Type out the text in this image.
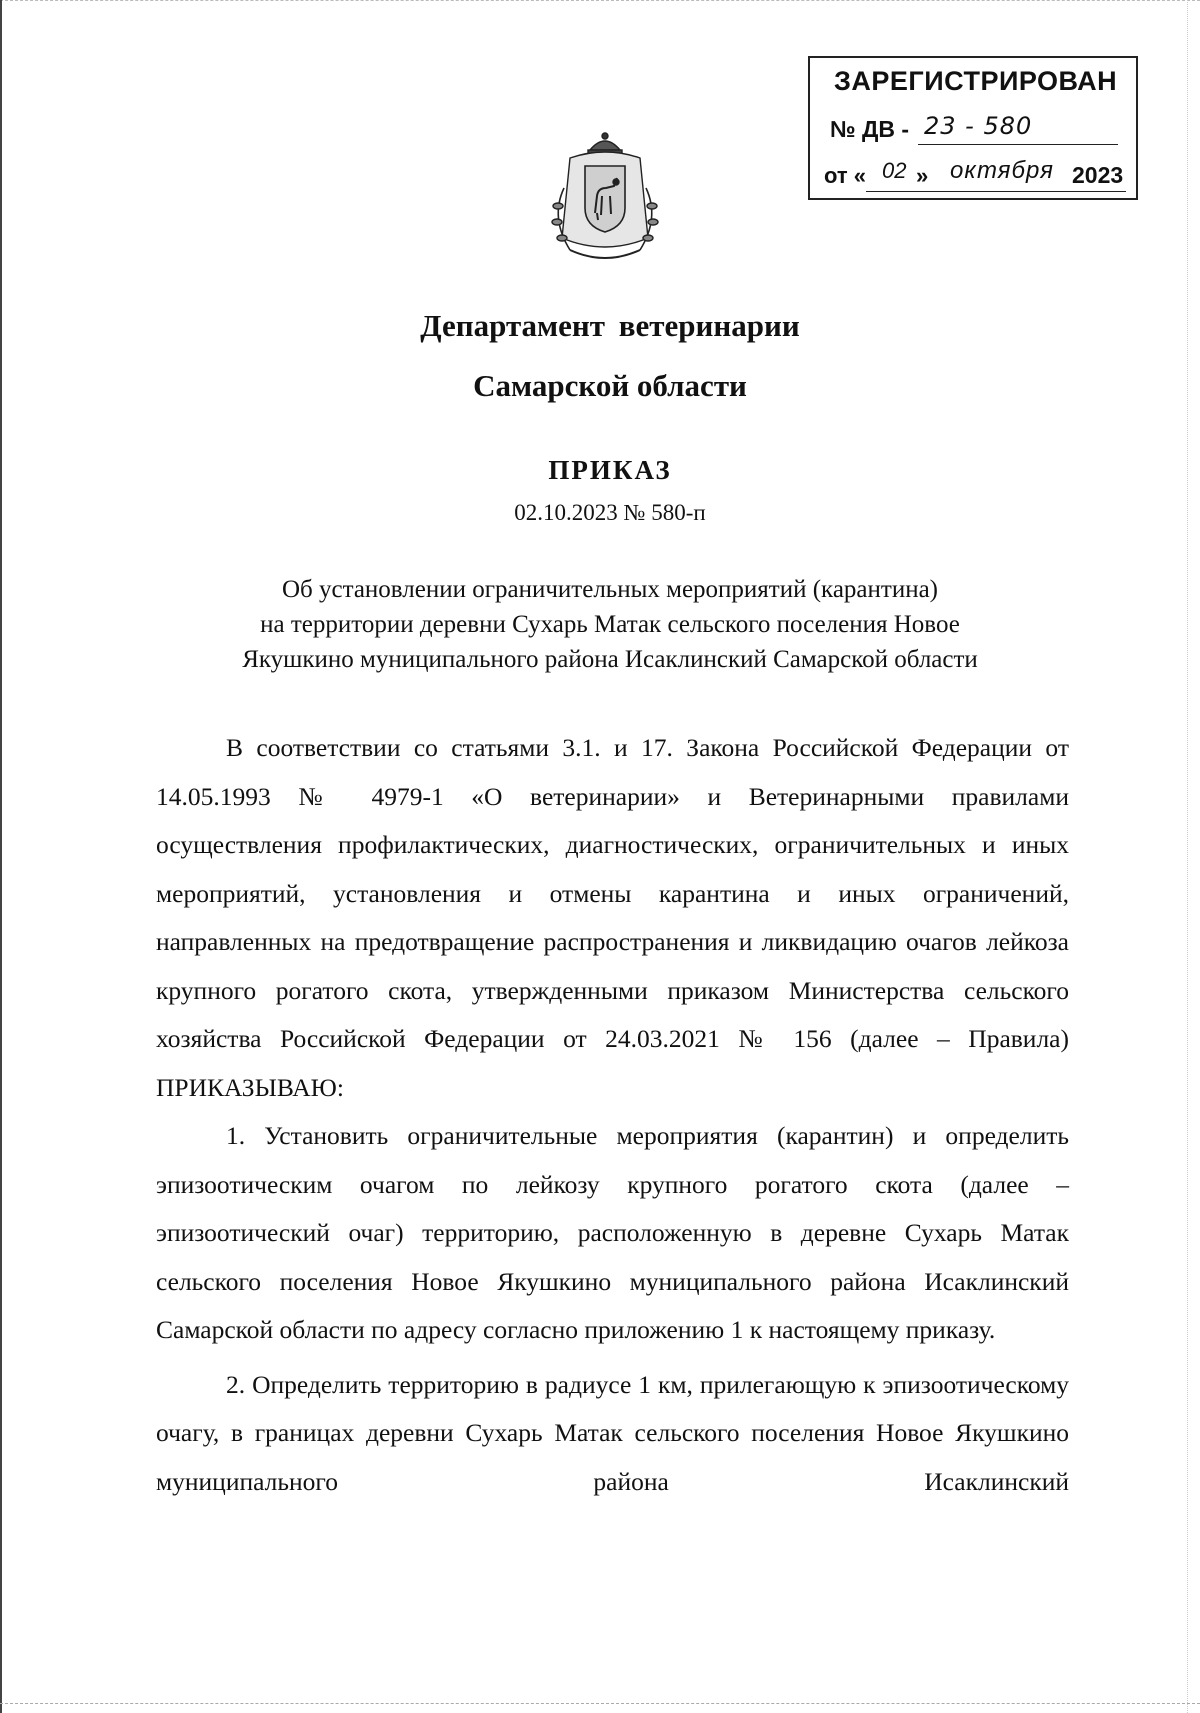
ЗАРЕГИСТРИРОВАН
№ ДВ - 23 - 580
от « 02 » октября 2023
Департамент ветеринарии
Самарской области
ПРИКАЗ
02.10.2023 № 580-п
Об установлении ограничительных мероприятий (карантина)
на территории деревни Сухарь Матак сельского поселения Новое
Якушкино муниципального района Исаклинский Самарской области

В соответствии со статьями 3.1. и 17. Закона Российской Федерации от 14.05.1993 № 4979-1 «О ветеринарии» и Ветеринарными правилами осуществления профилактических, диагностических, ограничительных и иных мероприятий, установления и отмены карантина и иных ограничений, направленных на предотвращение распространения и ликвидацию очагов лейкоза крупного рогатого скота, утвержденными приказом Министерства сельского хозяйства Российской Федерации от 24.03.2021 № 156 (далее – Правила) ПРИКАЗЫВАЮ:

1. Установить ограничительные мероприятия (карантин) и определить эпизоотическим очагом по лейкозу крупного рогатого скота (далее – эпизоотический очаг) территорию, расположенную в деревне Сухарь Матак сельского поселения Новое Якушкино муниципального района Исаклинский Самарской области по адресу согласно приложению 1 к настоящему приказу.

2. Определить территорию в радиусе 1 км, прилегающую к эпизоотическому очагу, в границах деревни Сухарь Матак сельского поселения Новое Якушкино муниципального района Исаклинский
